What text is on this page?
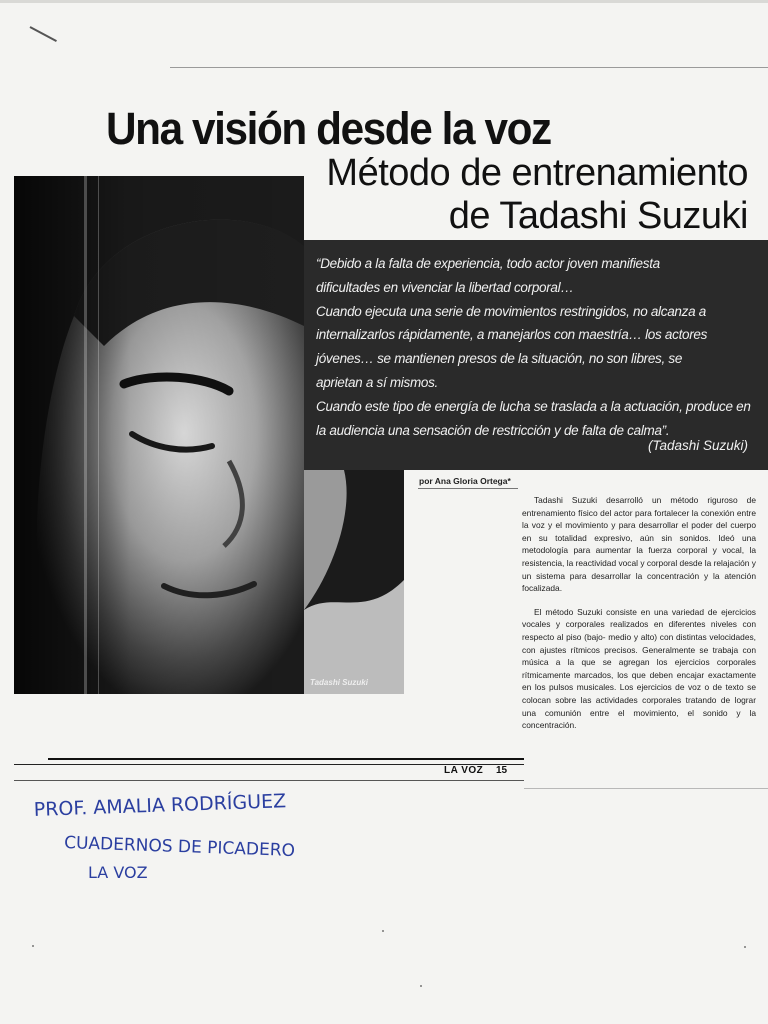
Una visión desde la voz
Método de entrenamiento
de Tadashi Suzuki

Tadashi Suzuki

“Debido a la falta de experiencia, todo actor joven manifiesta

dificultades en vivenciar la libertad corporal…

Cuando ejecuta una serie de movimientos restringidos, no alcanza a

internalizarlos rápidamente, a manejarlos con maestría… los actores

jóvenes… se mantienen presos de la situación, no son libres, se

aprietan a sí mismos.

Cuando este tipo de energía de lucha se traslada a la actuación, produce en

la audiencia una sensación de restricción y de falta de calma”.

(Tadashi Suzuki)

por Ana Gloria Ortega*

Tadashi Suzuki desarrolló un método riguroso de entrenamiento físico del actor para fortalecer la conexión entre la voz y el movimiento y para desarrollar el poder del cuerpo en su totalidad expresivo, aún sin sonidos. Ideó una metodología para aumentar la fuerza corporal y vocal, la resistencia, la reactividad vocal y corporal desde la relajación y un sistema para desarrollar la concentración y la atención focalizada.

El método Suzuki consiste en una variedad de ejercicios vocales y corporales realizados en diferentes niveles con respecto al piso (bajo- medio y alto) con distintas velocidades, con ajustes rítmicos precisos. Generalmente se trabaja con música a la que se agregan los ejercicios corporales rítmicamente marcados, los que deben encajar exactamente en los pulsos musicales. Los ejercicios de voz o de texto se colocan sobre las actividades corporales tratando de lograr una comunión entre el movimiento, el sonido y la concentración.

LA VOZ 15

PROF. AMALIA RODRÍGUEZ
CUADERNOS DE PICADERO
LA VOZ
